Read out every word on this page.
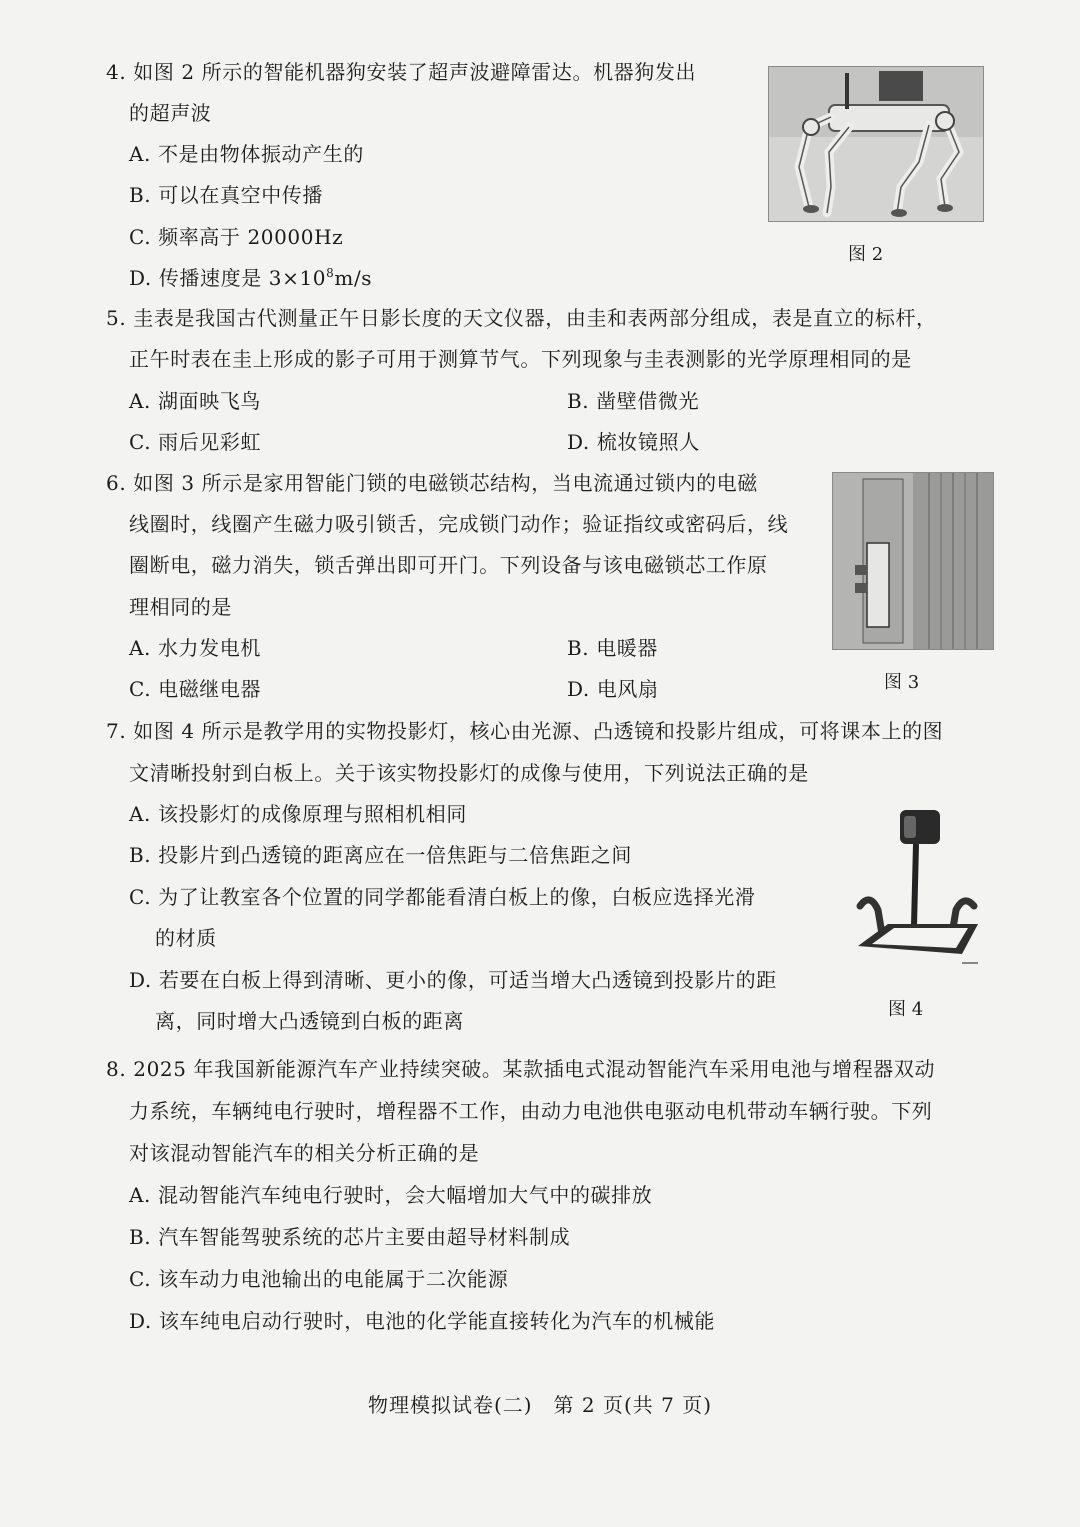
4. 如图 2 所示的智能机器狗安装了超声波避障雷达。机器狗发出
的超声波
A. 不是由物体振动产生的
B. 可以在真空中传播
C. 频率高于 20000Hz
D. 传播速度是 $3\times 10^8m/s$
图 2
5. 圭表是我国古代测量正午日影长度的天文仪器，由圭和表两部分组成，表是直立的标杆，
正午时表在圭上形成的影子可用于测算节气。下列现象与圭表测影的光学原理相同的是
A. 湖面映飞鸟	B. 凿壁借微光
C. 雨后见彩虹	D. 梳妆镜照人
6. 如图 3 所示是家用智能门锁的电磁锁芯结构，当电流通过锁内的电磁
线圈时，线圈产生磁力吸引锁舌，完成锁门动作；验证指纹或密码后，线
圈断电，磁力消失，锁舌弹出即可开门。下列设备与该电磁锁芯工作原
理相同的是
A. 水力发电机	B. 电暖器
C. 电磁继电器	D. 电风扇	图 3
7. 如图 4 所示是教学用的实物投影灯，核心由光源、凸透镜和投影片组成，可将课本上的图
文清晰投射到白板上。关于该实物投影灯的成像与使用，下列说法正确的是
A. 该投影灯的成像原理与照相机相同
B. 投影片到凸透镜的距离应在一倍焦距与二倍焦距之间
C. 为了让教室各个位置的同学都能看清白板上的像，白板应选择光滑
的材质
D. 若要在白板上得到清晰、更小的像，可适当增大凸透镜到投影片的距
离，同时增大凸透镜到白板的距离	图 4
8. 2025 年我国新能源汽车产业持续突破。某款插电式混动智能汽车采用电池与增程器双动
力系统，车辆纯电行驶时，增程器不工作，由动力电池供电驱动电机带动车辆行驶。下列
对该混动智能汽车的相关分析正确的是
A. 混动智能汽车纯电行驶时，会大幅增加大气中的碳排放
B. 汽车智能驾驶系统的芯片主要由超导材料制成
C. 该车动力电池输出的电能属于二次能源
D. 该车纯电启动行驶时，电池的化学能直接转化为汽车的机械能
物理模拟试卷(二)　第 2 页(共 7 页)
